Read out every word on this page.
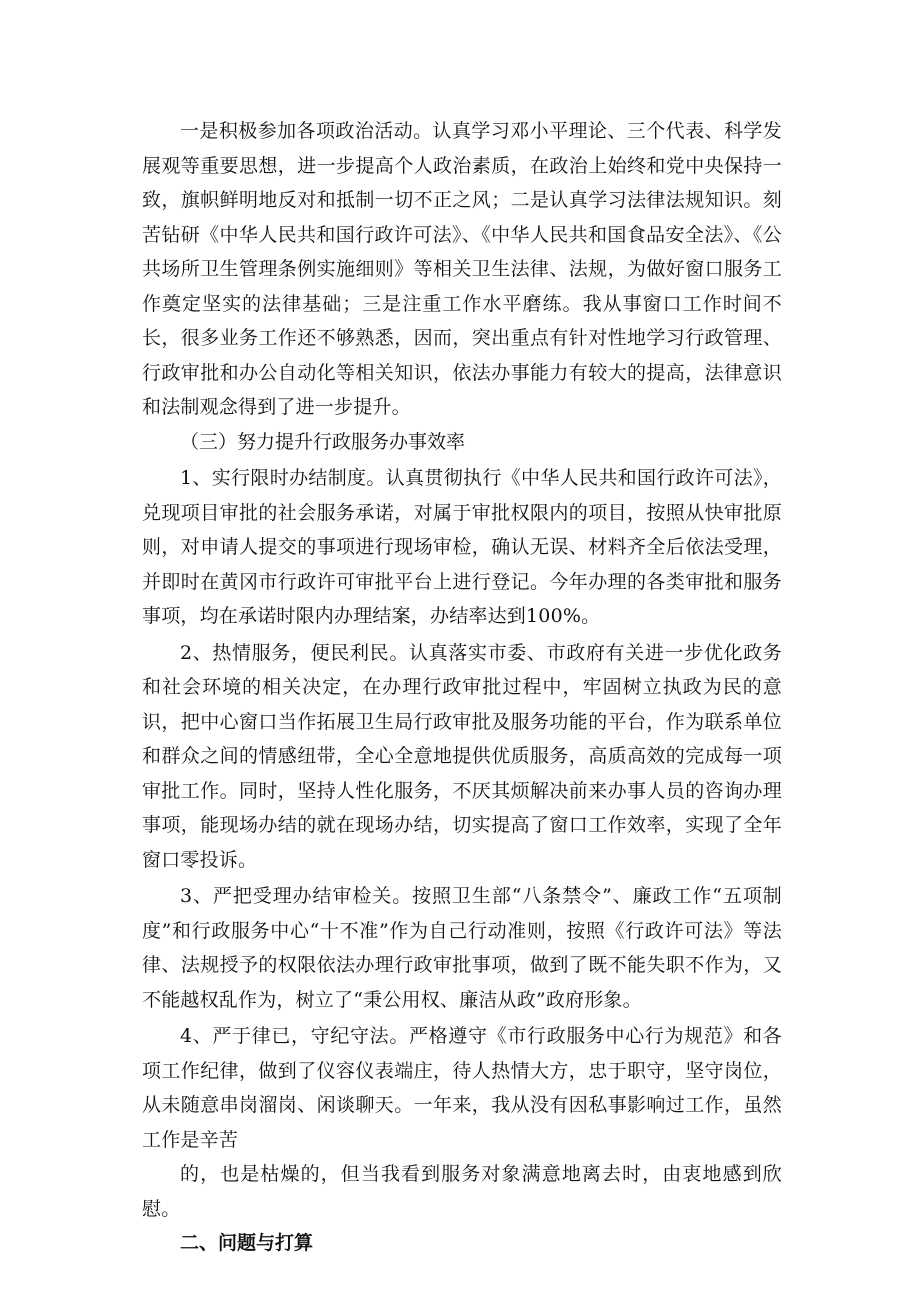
一是积极参加各项政治活动。认真学习邓小平理论、三个代表、科学发展观等重要思想，进一步提高个人政治素质，在政治上始终和党中央保持一致，旗帜鲜明地反对和抵制一切不正之风；二是认真学习法律法规知识。刻苦钻研《中华人民共和国行政许可法》、《中华人民共和国食品安全法》、《公共场所卫生管理条例实施细则》等相关卫生法律、法规，为做好窗口服务工作奠定坚实的法律基础；三是注重工作水平磨练。我从事窗口工作时间不长，很多业务工作还不够熟悉，因而，突出重点有针对性地学习行政管理、行政审批和办公自动化等相关知识，依法办事能力有较大的提高，法律意识和法制观念得到了进一步提升。

（三）努力提升行政服务办事效率

1、实行限时办结制度。认真贯彻执行《中华人民共和国行政许可法》，兑现项目审批的社会服务承诺，对属于审批权限内的项目，按照从快审批原则，对申请人提交的事项进行现场审检，确认无误、材料齐全后依法受理，并即时在黄冈市行政许可审批平台上进行登记。今年办理的各类审批和服务事项，均在承诺时限内办理结案，办结率达到100%。

2、热情服务，便民利民。认真落实市委、市政府有关进一步优化政务和社会环境的相关决定，在办理行政审批过程中，牢固树立执政为民的意识，把中心窗口当作拓展卫生局行政审批及服务功能的平台，作为联系单位和群众之间的情感纽带，全心全意地提供优质服务，高质高效的完成每一项审批工作。同时，坚持人性化服务，不厌其烦解决前来办事人员的咨询办理事项，能现场办结的就在现场办结，切实提高了窗口工作效率，实现了全年窗口零投诉。

3、严把受理办结审检关。按照卫生部“八条禁令”、廉政工作“五项制度”和行政服务中心“十不准”作为自己行动准则，按照《行政许可法》等法律、法规授予的权限依法办理行政审批事项，做到了既不能失职不作为，又不能越权乱作为，树立了“秉公用权、廉洁从政”政府形象。

4、严于律已，守纪守法。严格遵守《市行政服务中心行为规范》和各项工作纪律，做到了仪容仪表端庄，待人热情大方，忠于职守，坚守岗位，从未随意串岗溜岗、闲谈聊天。一年来，我从没有因私事影响过工作，虽然工作是辛苦

的，也是枯燥的，但当我看到服务对象满意地离去时，由衷地感到欣慰。

二、问题与打算
